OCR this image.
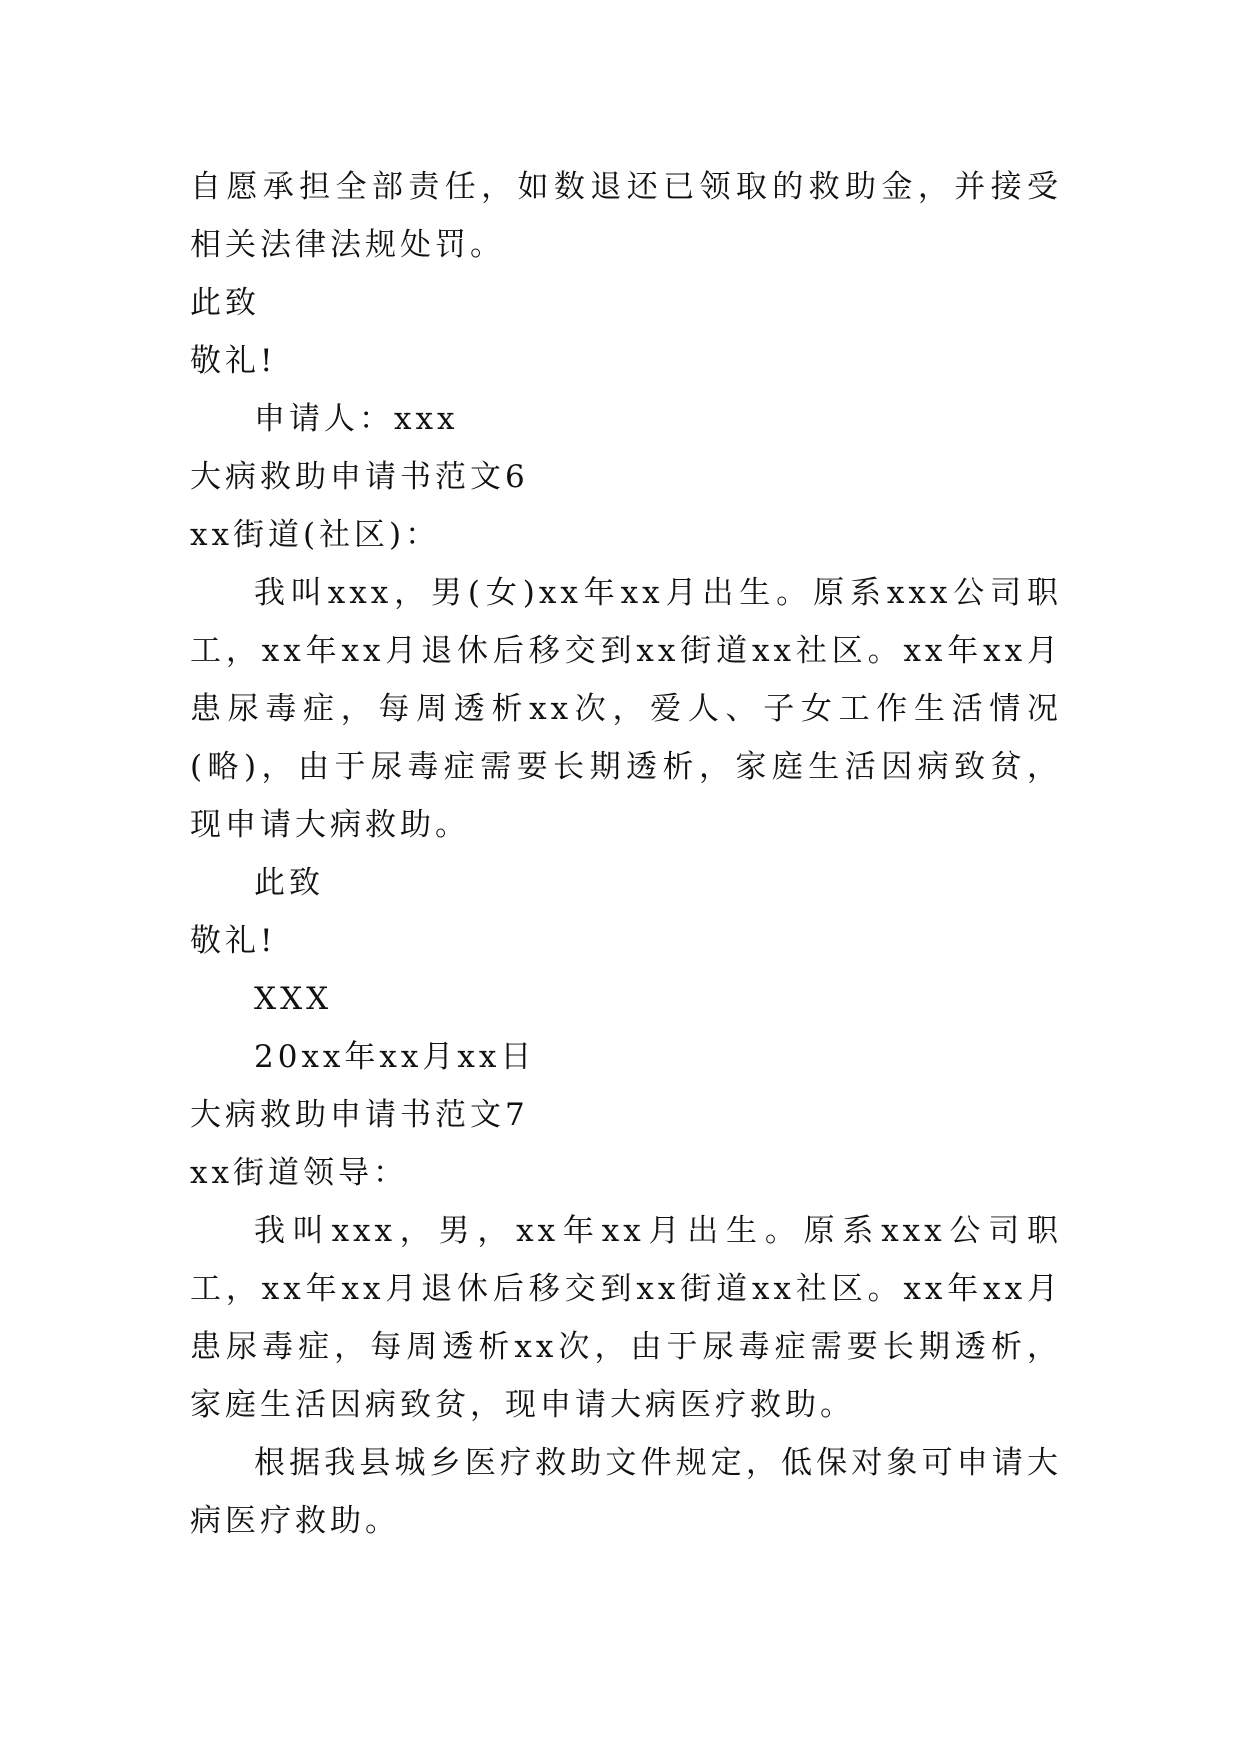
自愿承担全部责任，如数退还已领取的救助金，并接受相关法律法规处罚。

此致

敬礼!

申请人：xxx

大病救助申请书范文6

xx街道(社区)：

我叫xxx，男(女)xx年xx月出生。原系xxx公司职工，xx年xx月退休后移交到xx街道xx社区。xx年xx月患尿毒症，每周透析xx次，爱人、子女工作生活情况(略)，由于尿毒症需要长期透析，家庭生活因病致贫，现申请大病救助。

此致

敬礼!

XXX

20xx年xx月xx日

大病救助申请书范文7

xx街道领导：

我叫xxx，男，xx年xx月出生。原系xxx公司职工，xx年xx月退休后移交到xx街道xx社区。xx年xx月患尿毒症，每周透析xx次，由于尿毒症需要长期透析，家庭生活因病致贫，现申请大病医疗救助。

根据我县城乡医疗救助文件规定，低保对象可申请大病医疗救助。
